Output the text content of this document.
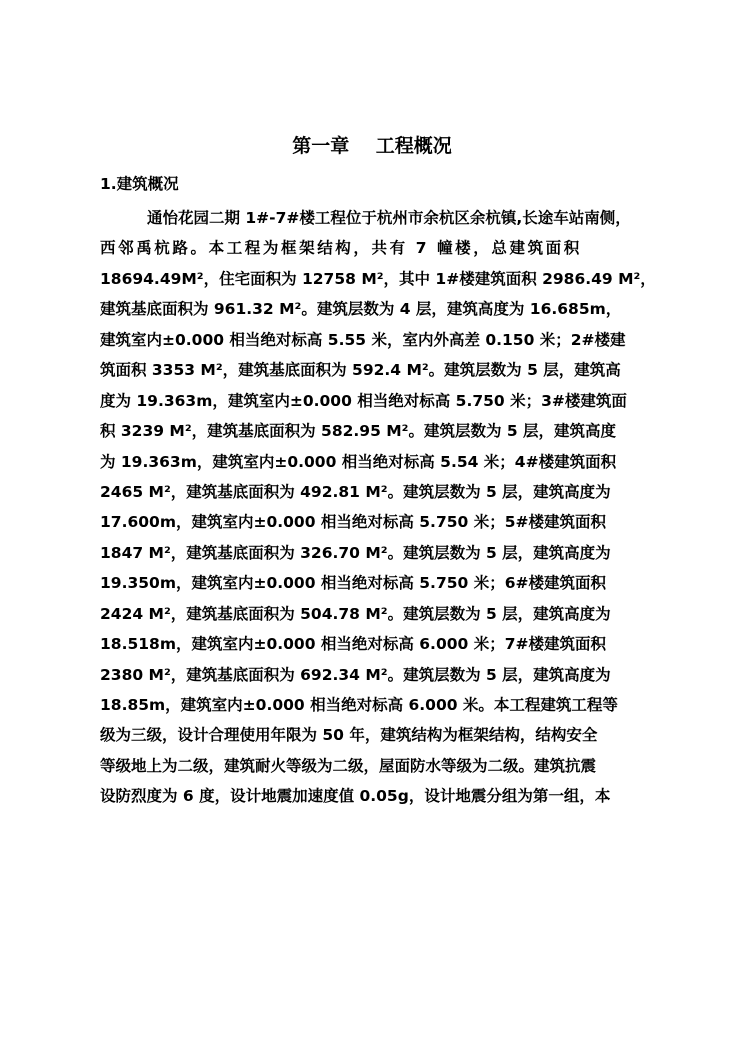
第一章    工程概况
1.建筑概况
通怡花园二期 1#-7#楼工程位于杭州市余杭区余杭镇,长途车站南侧，
西邻禹杭路。本工程为框架结构，共有 7 幢楼，总建筑面积
18694.49M²，住宅面积为 12758 M²，其中 1#楼建筑面积 2986.49 M²，
建筑基底面积为 961.32 M²。建筑层数为 4 层，建筑高度为 16.685m，
建筑室内±0.000 相当绝对标高 5.55 米，室内外高差 0.150 米；2#楼建
筑面积 3353 M²，建筑基底面积为 592.4 M²。建筑层数为 5 层，建筑高
度为 19.363m，建筑室内±0.000 相当绝对标高 5.750 米；3#楼建筑面
积 3239 M²，建筑基底面积为 582.95 M²。建筑层数为 5 层，建筑高度
为 19.363m，建筑室内±0.000 相当绝对标高 5.54 米；4#楼建筑面积
2465 M²，建筑基底面积为 492.81 M²。建筑层数为 5 层，建筑高度为
17.600m，建筑室内±0.000 相当绝对标高 5.750 米；5#楼建筑面积
1847 M²，建筑基底面积为 326.70 M²。建筑层数为 5 层，建筑高度为
19.350m，建筑室内±0.000 相当绝对标高 5.750 米；6#楼建筑面积
2424 M²，建筑基底面积为 504.78 M²。建筑层数为 5 层，建筑高度为
18.518m，建筑室内±0.000 相当绝对标高 6.000 米；7#楼建筑面积
2380 M²，建筑基底面积为 692.34 M²。建筑层数为 5 层，建筑高度为
18.85m，建筑室内±0.000 相当绝对标高 6.000 米。本工程建筑工程等
级为三级，设计合理使用年限为 50 年，建筑结构为框架结构，结构安全
等级地上为二级，建筑耐火等级为二级，屋面防水等级为二级。建筑抗震
设防烈度为 6 度，设计地震加速度值 0.05g，设计地震分组为第一组，本
